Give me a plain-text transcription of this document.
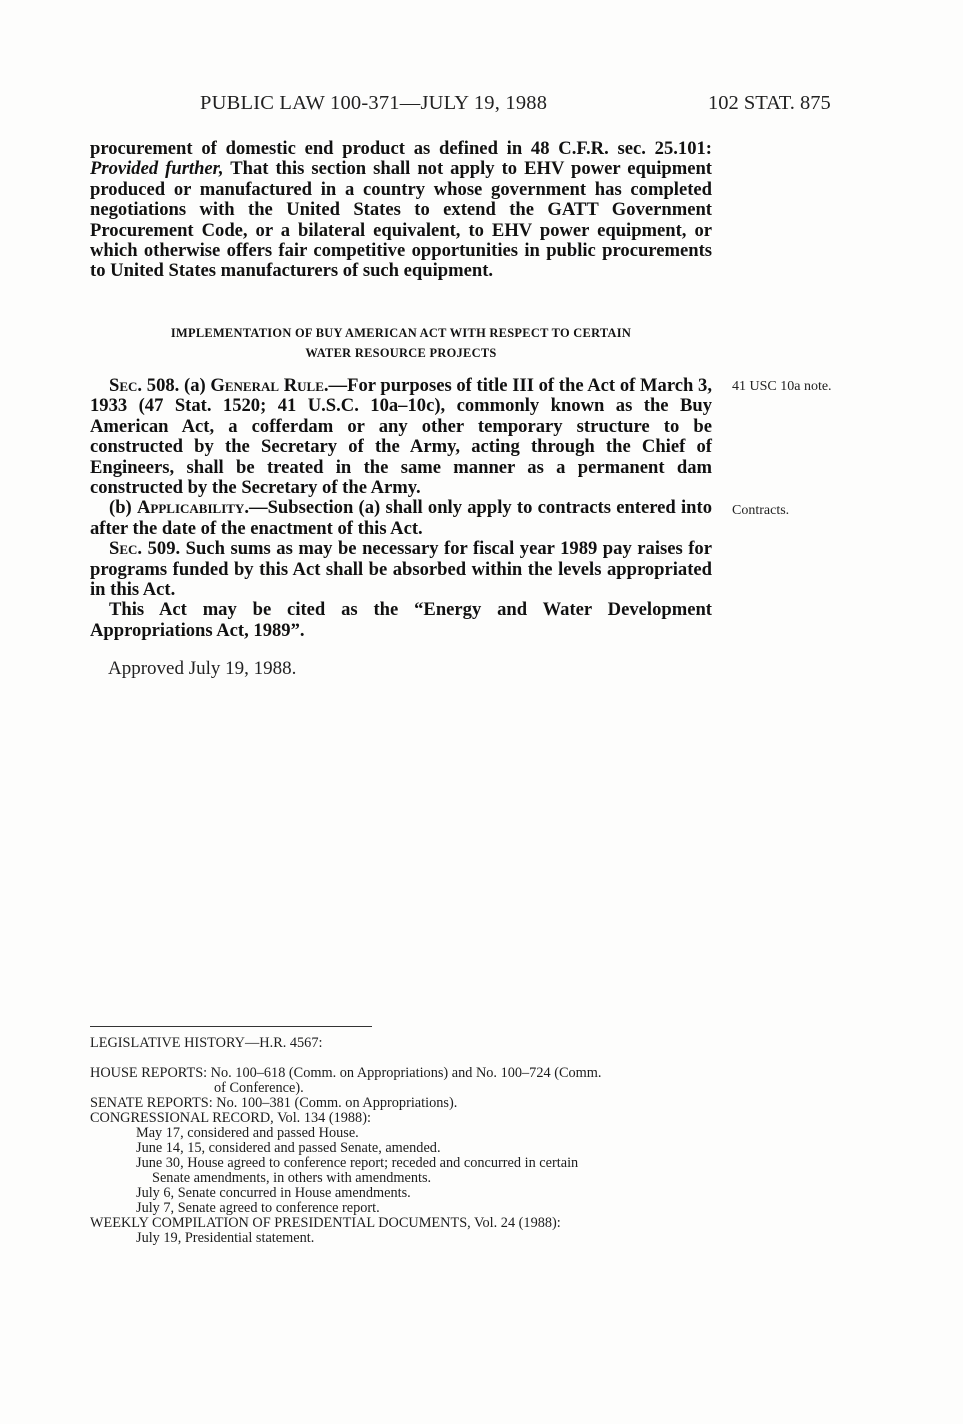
PUBLIC LAW 100-371—JULY 19, 1988	102 STAT. 875

procurement of domestic end product as defined in 48 C.F.R. sec. 25.101: Provided further, That this section shall not apply to EHV power equipment produced or manufactured in a country whose government has completed negotiations with the United States to extend the GATT Government Procurement Code, or a bilateral equivalent, to EHV power equipment, or which otherwise offers fair competitive opportunities in public procurements to United States manufacturers of such equipment.

IMPLEMENTATION OF BUY AMERICAN ACT WITH RESPECT TO CERTAIN
WATER RESOURCE PROJECTS

Sec. 508. (a) General Rule.—For purposes of title III of the Act of March 3, 1933 (47 Stat. 1520; 41 U.S.C. 10a–10c), commonly known as the Buy American Act, a cofferdam or any other temporary structure to be constructed by the Secretary of the Army, acting through the Chief of Engineers, shall be treated in the same manner as a permanent dam constructed by the Secretary of the Army.

(b) Applicability.—Subsection (a) shall only apply to contracts entered into after the date of the enactment of this Act.

Sec. 509. Such sums as may be necessary for fiscal year 1989 pay raises for programs funded by this Act shall be absorbed within the levels appropriated in this Act.

This Act may be cited as the “Energy and Water Development Appropriations Act, 1989”.

41 USC 10a note.
Contracts.
Approved July 19, 1988.
LEGISLATIVE HISTORY—H.R. 4567:
HOUSE REPORTS: No. 100–618 (Comm. on Appropriations) and No. 100–724 (Comm.
of Conference).
SENATE REPORTS: No. 100–381 (Comm. on Appropriations).
CONGRESSIONAL RECORD, Vol. 134 (1988):
May 17, considered and passed House.
June 14, 15, considered and passed Senate, amended.
June 30, House agreed to conference report; receded and concurred in certain
Senate amendments, in others with amendments.
July 6, Senate concurred in House amendments.
July 7, Senate agreed to conference report.
WEEKLY COMPILATION OF PRESIDENTIAL DOCUMENTS, Vol. 24 (1988):
July 19, Presidential statement.
